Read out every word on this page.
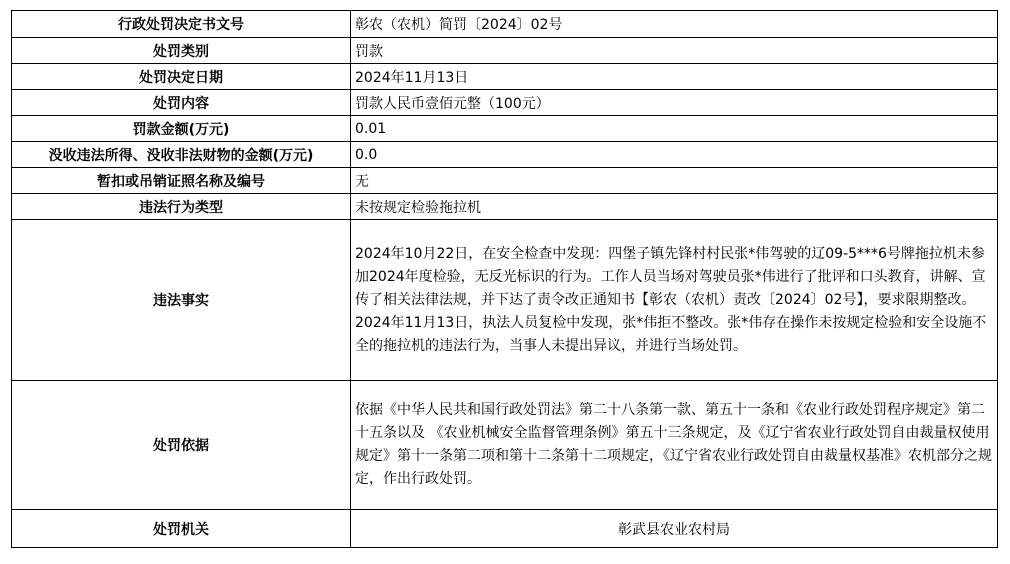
行政处罚决定书文号	彰农（农机）简罚〔2024〕02号
处罚类别	罚款
处罚决定日期	2024年11月13日
处罚内容	罚款人民币壹佰元整（100元）
罚款金额(万元)	0.01
没收违法所得、没收非法财物的金额(万元)	0.0
暂扣或吊销证照名称及编号	无
违法行为类型	未按规定检验拖拉机
违法事实	2024年10月22日，在安全检查中发现：四堡子镇先锋村村民张*伟驾驶的辽09-5***6号牌拖拉机未参加2024年度检验，无反光标识的行为。工作人员当场对驾驶员张*伟进行了批评和口头教育，讲解、宣传了相关法律法规，并下达了责令改正通知书【彰农（农机）责改〔2024〕02号】，要求限期整改。2024年11月13日，执法人员复检中发现，张*伟拒不整改。张*伟存在操作未按规定检验和安全设施不全的拖拉机的违法行为，当事人未提出异议，并进行当场处罚。
处罚依据	依据《中华人民共和国行政处罚法》第二十八条第一款、第五十一条和《农业行政处罚程序规定》第二十五条以及 《农业机械安全监督管理条例》第五十三条规定，及《辽宁省农业行政处罚自由裁量权使用规定》第十一条第二项和第十二条第十二项规定，《辽宁省农业行政处罚自由裁量权基准》农机部分之规定，作出行政处罚。
处罚机关	彰武县农业农村局
